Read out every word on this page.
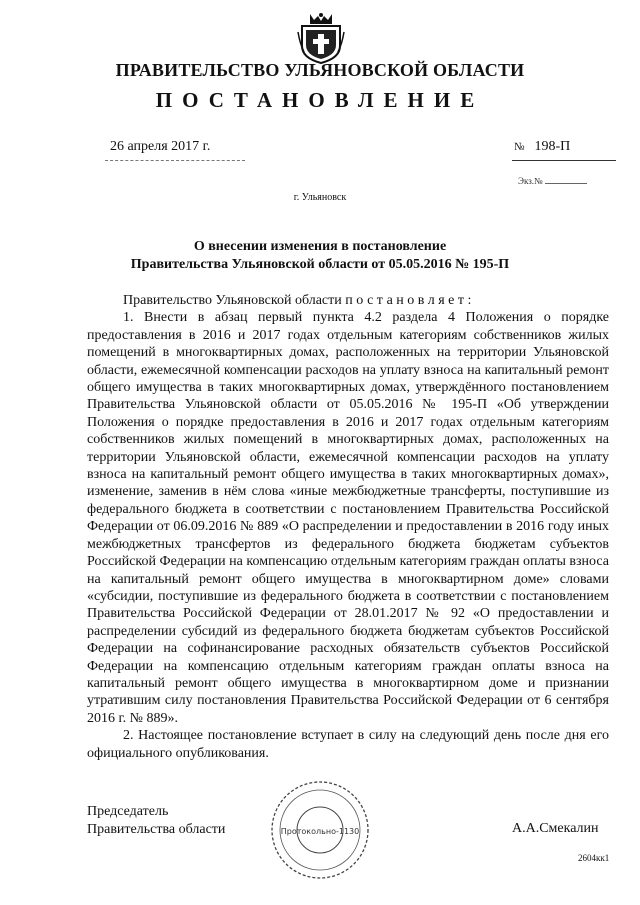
ПРАВИТЕЛЬСТВО УЛЬЯНОВСКОЙ ОБЛАСТИ
ПОСТАНОВЛЕНИЕ
26 апреля 2017 г.	№ 198-П
Экз.№
г. Ульяновск
О внесении изменения в постановление
Правительства Ульяновской области от 05.05.2016 № 195-П

Правительство Ульяновской области постановляет:

1. Внести в абзац первый пункта 4.2 раздела 4 Положения о порядке предоставления в 2016 и 2017 годах отдельным категориям собственников жилых помещений в многоквартирных домах, расположенных на территории Ульяновской области, ежемесячной компенсации расходов на уплату взноса на капитальный ремонт общего имущества в таких многоквартирных домах, утверждённого постановлением Правительства Ульяновской области от 05.05.2016 № 195-П «Об утверждении Положения о порядке предоставления в 2016 и 2017 годах отдельным категориям собственников жилых помещений в многоквартирных домах, расположенных на территории Ульяновской области, ежемесячной компенсации расходов на уплату взноса на капитальный ремонт общего имущества в таких многоквартирных домах», изменение, заменив в нём слова «иные межбюджетные трансферты, поступившие из федерального бюджета в соответствии с постановлением Правительства Российской Федерации от 06.09.2016 № 889 «О распределении и предоставлении в 2016 году иных межбюджетных трансфертов из федерального бюджета бюджетам субъектов Российской Федерации на компенсацию отдельным категориям граждан оплаты взноса на капитальный ремонт общего имущества в многоквартирном доме» словами «субсидии, поступившие из федерального бюджета в соответствии с постановлением Правительства Российской Федерации от 28.01.2017 № 92 «О предоставлении и распределении субсидий из федерального бюджета бюджетам субъектов Российской Федерации на софинансирование расходных обязательств субъектов Российской Федерации на компенсацию отдельным категориям граждан оплаты взноса на капитальный ремонт общего имущества в многоквартирном доме и признании утратившим силу постановления Правительства Российской Федерации от 6 сентября 2016 г. № 889».

2. Настоящее постановление вступает в силу на следующий день после дня его официального опубликования.

Председатель
Правительства области	Протокольно-1130	А.А.Смекалин
2604кк1
